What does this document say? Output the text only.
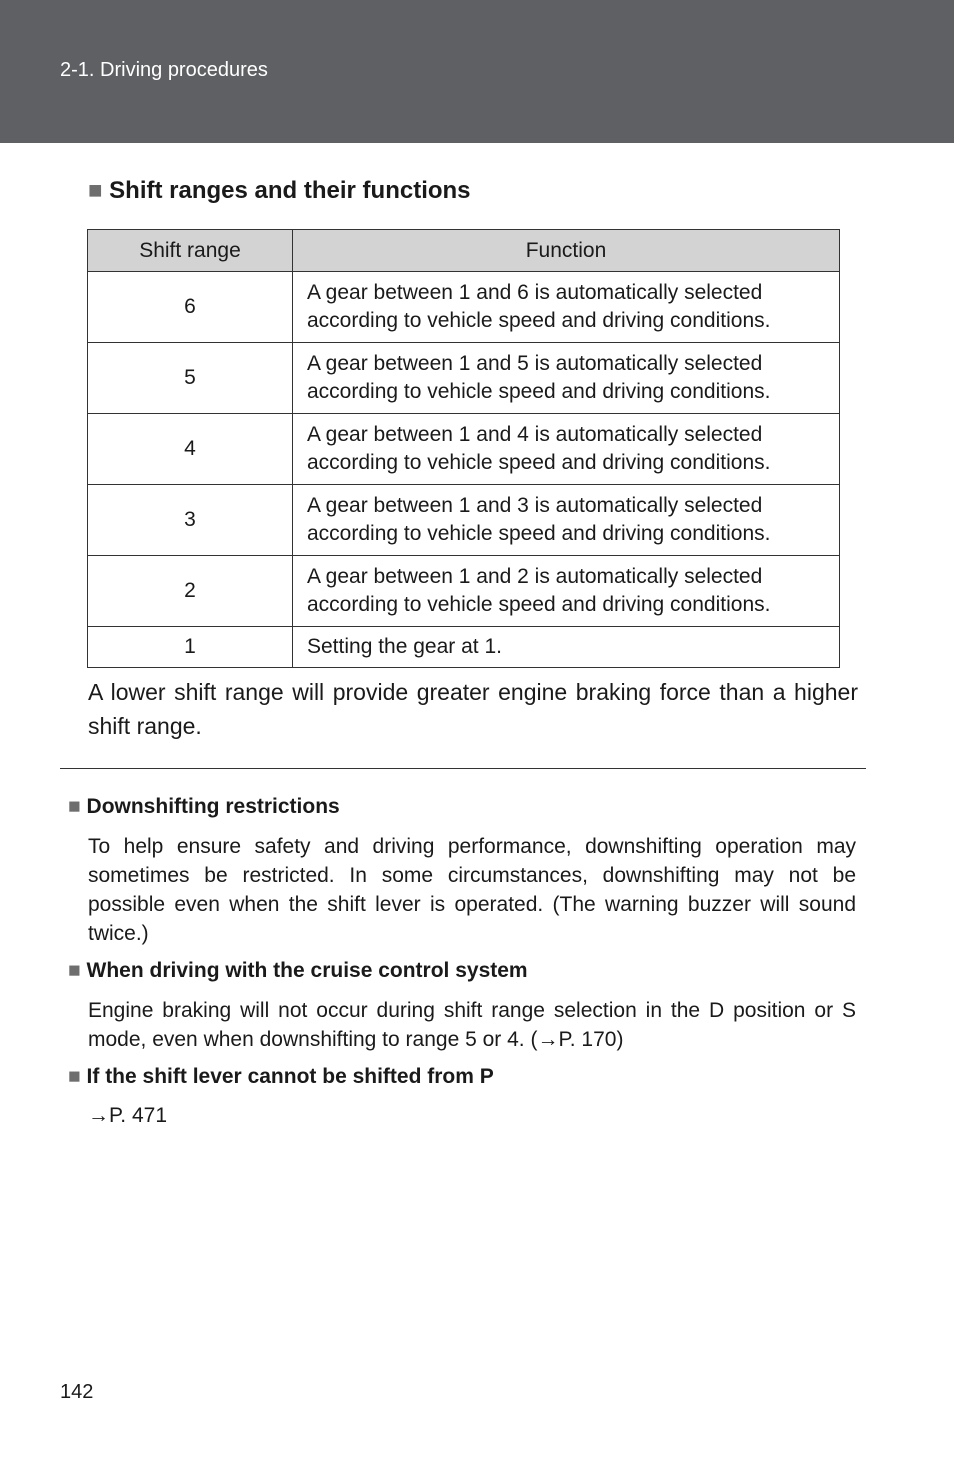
2-1. Driving procedures
■ Shift ranges and their functions
Shift range	Function
6	A gear between 1 and 6 is automatically selected according to vehicle speed and driving conditions.
5	A gear between 1 and 5 is automatically selected according to vehicle speed and driving conditions.
4	A gear between 1 and 4 is automatically selected according to vehicle speed and driving conditions.
3	A gear between 1 and 3 is automatically selected according to vehicle speed and driving conditions.
2	A gear between 1 and 2 is automatically selected according to vehicle speed and driving conditions.
1	Setting the gear at 1.
A lower shift range will provide greater engine braking force than a higher shift range.
■ Downshifting restrictions
To help ensure safety and driving performance, downshifting operation may sometimes be restricted. In some circumstances, downshifting may not be possible even when the shift lever is operated. (The warning buzzer will sound twice.)
■ When driving with the cruise control system
Engine braking will not occur during shift range selection in the D position or S mode, even when downshifting to range 5 or 4. (→P. 170)
■ If the shift lever cannot be shifted from P
→P. 471
142
